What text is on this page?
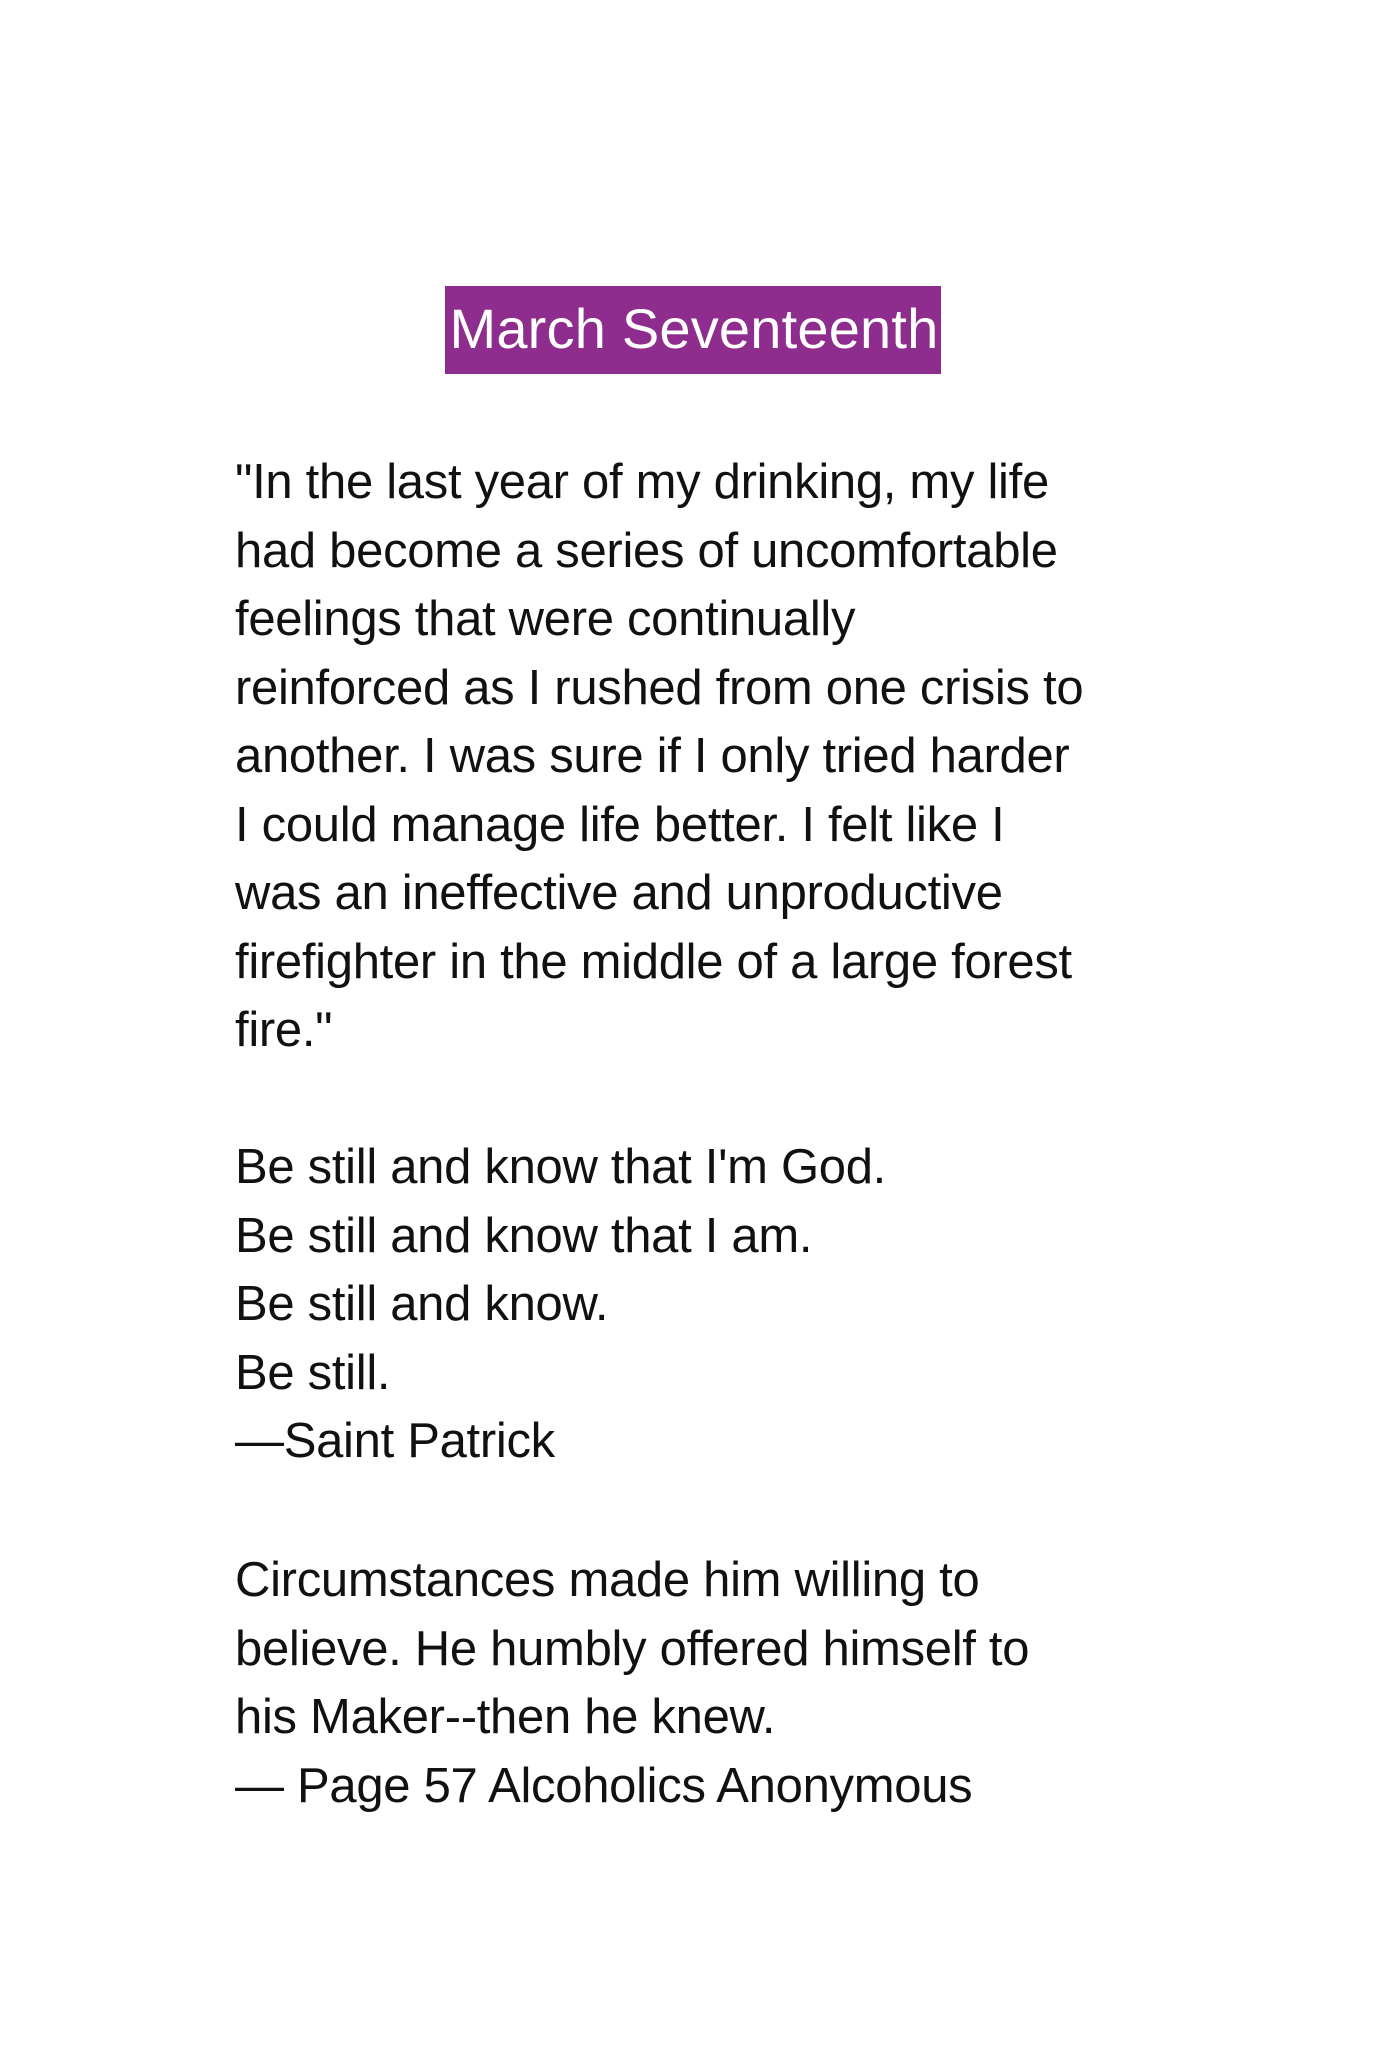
March Seventeenth
"In the last year of my drinking, my life
had become a series of uncomfortable
feelings that were continually
reinforced as I rushed from one crisis to
another. I was sure if I only tried harder
I could manage life better. I felt like I
was an ineffective and unproductive
firefighter in the middle of a large forest
fire."
Be still and know that I'm God.
Be still and know that I am.
Be still and know.
Be still.
—Saint Patrick
Circumstances made him willing to
believe. He humbly offered himself to
his Maker--then he knew.
— Page 57 Alcoholics Anonymous
